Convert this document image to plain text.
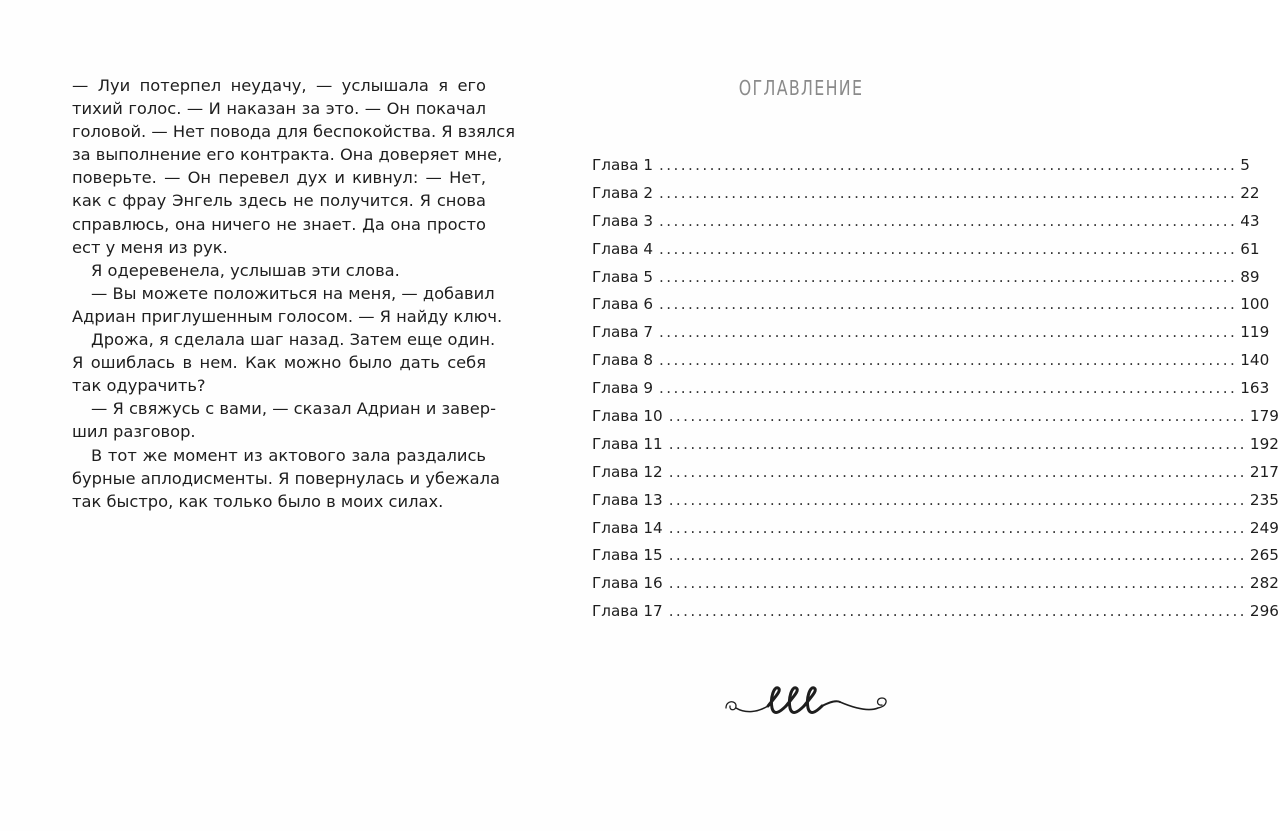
— Луи потерпел неудачу, — услышала я его
тихий голос. — И наказан за это. — Он покачал
головой. — Нет повода для беспокойства. Я взялся
за выполнение его контракта. Она доверяет мне,
поверьте. — Он перевел дух и кивнул: — Нет,
как с фрау Энгель здесь не получится. Я снова
справлюсь, она ничего не знает. Да она просто
ест у меня из рук.
Я одеревенела, услышав эти слова.
— Вы можете положиться на меня, — добавил
Адриан приглушенным голосом. — Я найду ключ.
Дрожа, я сделала шаг назад. Затем еще один.
Я ошиблась в нем. Как можно было дать себя
так одурачить?
— Я свяжусь с вами, — сказал Адриан и завер-
шил разговор.
В тот же момент из актового зала раздались
бурные аплодисменты. Я повернулась и убежала
так быстро, как только было в моих силах.
ОГЛАВЛЕНИЕ
Глава 1 ................................................................................ 5
Глава 2 ................................................................................ 22
Глава 3 ................................................................................ 43
Глава 4 ................................................................................ 61
Глава 5 ................................................................................ 89
Глава 6 ................................................................................ 100
Глава 7 ................................................................................ 119
Глава 8 ................................................................................ 140
Глава 9 ................................................................................ 163
Глава 10 ................................................................................ 179
Глава 11 ................................................................................ 192
Глава 12 ................................................................................ 217
Глава 13 ................................................................................ 235
Глава 14 ................................................................................ 249
Глава 15 ................................................................................ 265
Глава 16 ................................................................................ 282
Глава 17 ................................................................................ 296
